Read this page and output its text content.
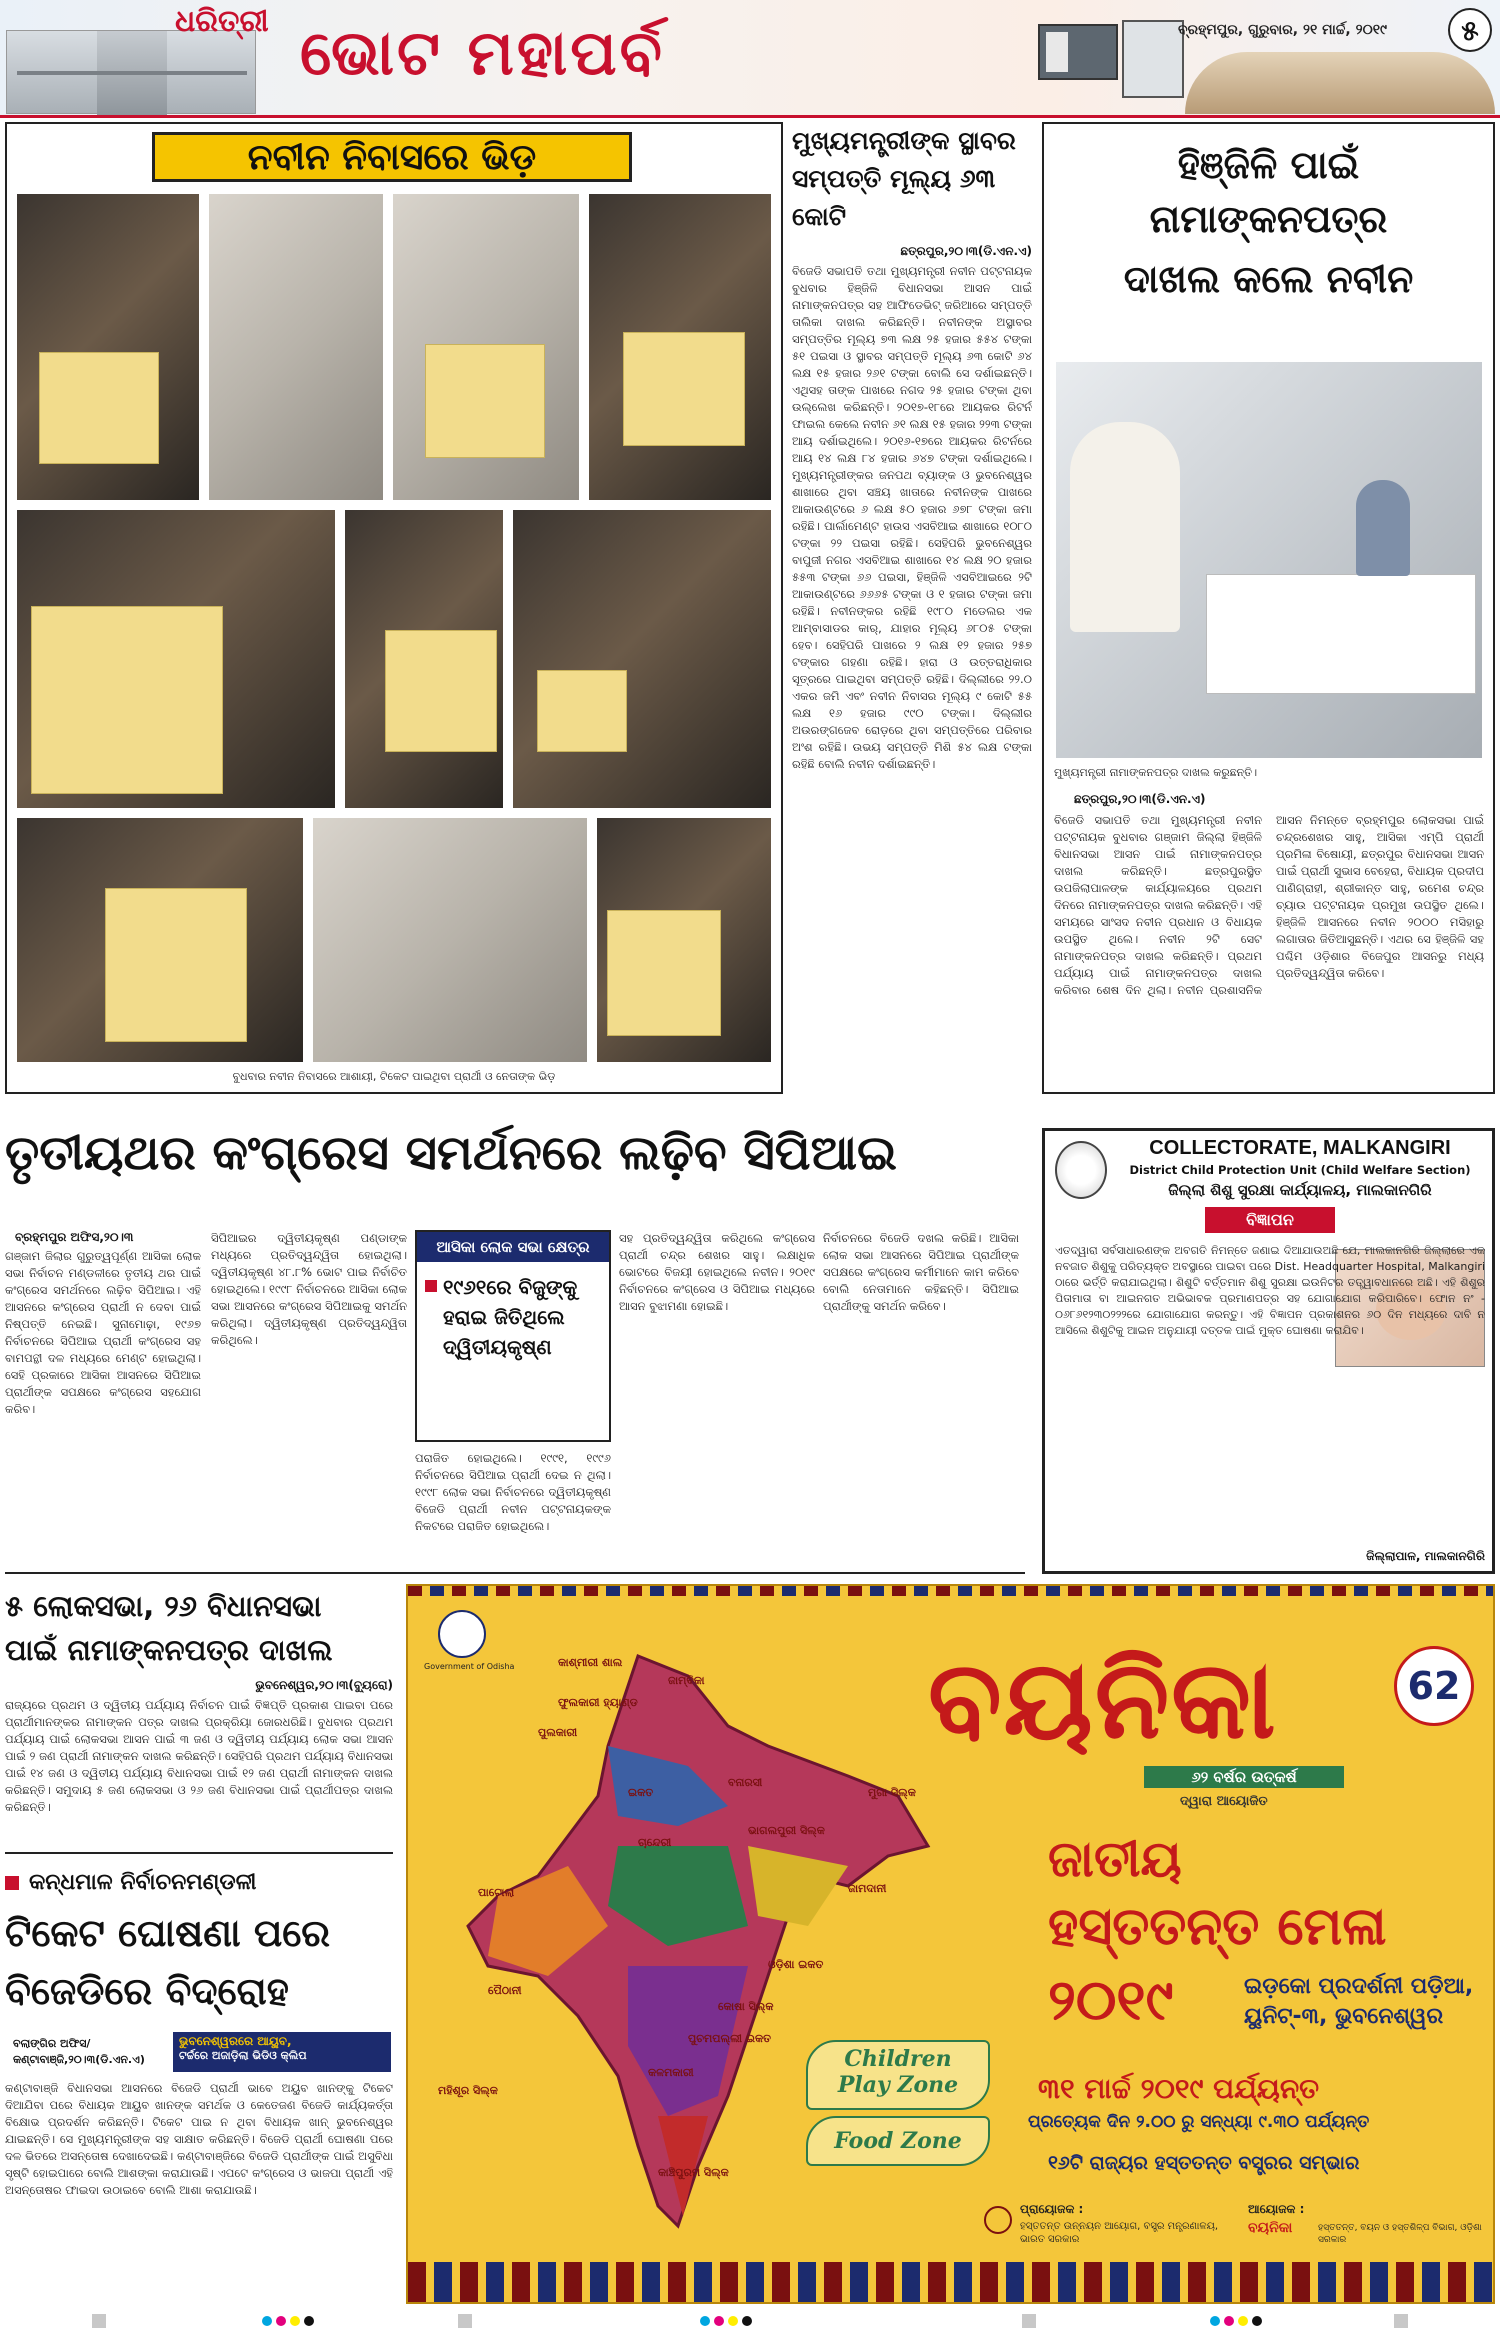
ଧରିତ୍ରୀ ଭୋଟ ମହାପର୍ବ	ବ୍ରହ୍ମପୁର, ଗୁରୁବାର, ୨୧ ମାର୍ଚ୍ଚ, ୨୦୧୯	୫
ନବୀନ ନିବାସରେ ଭିଡ଼
ବୁଧବାର ନବୀନ ନିବାସରେ ଆଶାୟୀ, ଟିକେଟ ପାଇଥିବା ପ୍ରାର୍ଥୀ ଓ ନେତାଙ୍କ ଭିଡ଼
ମୁଖ୍ୟମନ୍ତ୍ରୀଙ୍କ ସ୍ଥାବର
ସମ୍ପତ୍ତି ମୂଲ୍ୟ ୬୩ କୋଟି
ଛତ୍ରପୁର,୨୦।୩(ଡି.ଏନ.ଏ)
ବିଜେଡି ସଭାପତି ତଥା ମୁଖ୍ୟମନ୍ତ୍ରୀ ନବୀନ ପଟ୍ଟନାୟକ ବୁଧବାର ହିଞ୍ଜିଳି ବିଧାନସଭା ଆସନ ପାଇଁ ନାମାଙ୍କନପତ୍ର ସହ ଆଫିଡେଭିଟ୍ ଜରିଆରେ ସମ୍ପତ୍ତି ତାଲିକା ଦାଖଲ କରିଛନ୍ତି। ନବୀନଙ୍କ ଅସ୍ଥାବର ସମ୍ପତ୍ତିର ମୂଲ୍ୟ ୭୩ ଲକ୍ଷ ୨୫ ହଜାର ୫୫୪ ଟଙ୍କା ୫୧ ପଇସା ଓ ସ୍ଥାବର ସମ୍ପତ୍ତି ମୂଲ୍ୟ ୬୩ କୋଟି ୬୪ ଲକ୍ଷ ୧୫ ହଜାର ୨୬୧ ଟଙ୍କା ବୋଲି ସେ ଦର୍ଶାଇଛନ୍ତି। ଏଥିସହ ତାଙ୍କ ପାଖରେ ନଗଦ ୨୫ ହଜାର ଟଙ୍କା ଥିବା ଉଲ୍ଲେଖ କରିଛନ୍ତି। ୨୦୧୭-୧୮ରେ ଆୟକର ରିଟର୍ନ ଫାଇଲ କେଲେ ନବୀନ ୬୧ ଲକ୍ଷ ୧୫ ହଜାର ୨୨୩ ଟଙ୍କା ଆୟ ଦର୍ଶାଇଥିଲେ। ୨୦୧୬-୧୭ରେ ଆୟକର ରିଟର୍ନରେ ଆୟ ୧୪ ଲକ୍ଷ ୮୪ ହଜାର ୬୪୭ ଟଙ୍କା ଦର୍ଶାଇଥିଲେ। ମୁଖ୍ୟମନ୍ତ୍ରୀଙ୍କର ଜନପଥ ବ୍ୟାଙ୍କ ଓ ଭୁବନେଶ୍ୱର ଶାଖାରେ ଥିବା ସଞ୍ଚୟ ଖାତାରେ ନବୀନଙ୍କ ପାଖରେ ଆକାଉଣ୍ଟରେ ୬ ଲକ୍ଷ ୫୦ ହଜାର ୬୭୮ ଟଙ୍କା ଜମା ରହିଛି। ପାର୍ଲାମେଣ୍ଟ ହାଉସ ଏସବିଆଇ ଶାଖାରେ ୧୦୮୦ ଟଙ୍କା ୨୨ ପଇସା ରହିଛି। ସେହିପରି ଭୁବନେଶ୍ୱର ବାପୁଜୀ ନଗର ଏସବିଆଇ ଶାଖାରେ ୧୪ ଲକ୍ଷ ୨୦ ହଜାର ୫୫୩ ଟଙ୍କା ୬୬ ପଇସା, ହିଞ୍ଜିଳି ଏସବିଆଇରେ ୨ଟି ଆକାଉଣ୍ଟରେ ୬୬୬୫ ଟଙ୍କା ଓ ୧ ହଜାର ଟଙ୍କା ଜମା ରହିଛି। ନବୀନଙ୍କର ରହିଛି ୧୯୮୦ ମଡେଲର ଏକ ଆମ୍ବାସାଡର କାର୍, ଯାହାର ମୂଲ୍ୟ ୬୮୦୫ ଟଙ୍କା ହେବ। ସେହିପରି ପାଖରେ ୨ ଲକ୍ଷ ୧୨ ହଜାର ୨୫୭ ଟଙ୍କାର ଗହଣା ରହିଛି। ହାରା ଓ ଉତ୍ତରାଧିକାର ସୂତ୍ରରେ ପାଇଥିବା ସମ୍ପତ୍ତି ରହିଛି। ଦିଲ୍ଲୀରେ ୨୨.୦ ଏକର ଜମି ଏବଂ ନବୀନ ନିବାସର ମୂଲ୍ୟ ୯ କୋଟି ୫୫ ଲକ୍ଷ ୧୬ ହଜାର ୯୯୦ ଟଙ୍କା। ଦିଲ୍ଲୀର ଅଉରଙ୍ଗଜେବ ରୋଡ଼ରେ ଥିବା ସମ୍ପତ୍ତିରେ ପରିବାର ଅଂଶ ରହିଛି। ଉଭୟ ସମ୍ପତ୍ତି ମିଶି ୫୪ ଲକ୍ଷ ଟଙ୍କା ରହିଛି ବୋଲି ନବୀନ ଦର୍ଶାଇଛନ୍ତି।
ହିଞ୍ଜିଳି ପାଇଁ ନାମାଙ୍କନପତ୍ର
ଦାଖଲ କଲେ ନବୀନ
ମୁଖ୍ୟମନ୍ତ୍ରୀ ନାମାଙ୍କନପତ୍ର ଦାଖଲ କରୁଛନ୍ତି।
ଛତ୍ରପୁର,୨୦।୩(ଡି.ଏନ.ଏ)
ବିଜେଡି ସଭାପତି ତଥା ମୁଖ୍ୟମନ୍ତ୍ରୀ ନବୀନ ପଟ୍ଟନାୟକ ବୁଧବାର ଗଞ୍ଜାମ ଜିଲ୍ଲା ହିଞ୍ଜିଳି ବିଧାନସଭା ଆସନ ପାଇଁ ନାମାଙ୍କନପତ୍ର ଦାଖଲ କରିଛନ୍ତି। ଛତ୍ରପୁରସ୍ଥିତ ଉପଜିଲାପାଳଙ୍କ କାର୍ଯ୍ୟାଳୟରେ ପ୍ରଥମ ଦିନରେ ନାମାଙ୍କନପତ୍ର ଦାଖଲ କରିଛନ୍ତି। ଏହି ସମୟରେ ସାଂସଦ ନବୀନ ପ୍ରଧାନ ଓ ବିଧାୟକ ଉପସ୍ଥିତ ଥିଲେ। ନବୀନ ୨ଟି ସେଟ ନାମାଙ୍କନପତ୍ର ଦାଖଲ କରିଛନ୍ତି। ପ୍ରଥମ ପର୍ଯ୍ୟାୟ ପାଇଁ ନାମାଙ୍କନପତ୍ର ଦାଖଲ କରିବାର ଶେଷ ଦିନ ଥିଲା। ନବୀନ ପ୍ରଶାସନିକ ଆସନ ନିମନ୍ତେ ବ୍ରହ୍ମପୁର ଲୋକସଭା ପାଇଁ ଚନ୍ଦ୍ରଶେଖର ସାହୁ, ଆସିକା ଏମ୍ପି ପ୍ରାର୍ଥୀ ପ୍ରମିଳା ବିଷୋୟୀ, ଛତ୍ରପୁର ବିଧାନସଭା ଆସନ ପାଇଁ ପ୍ରାର୍ଥୀ ସୁଭାସ ବେହେରା, ବିଧାୟକ ପ୍ରଦୀପ ପାଣିଗ୍ରାହୀ, ଶ୍ରୀକାନ୍ତ ସାହୁ, ରମେଶ ଚନ୍ଦ୍ର ଚ୍ୟାଉ ପଟ୍ଟନାୟକ ପ୍ରମୁଖ ଉପସ୍ଥିତ ଥିଲେ। ହିଞ୍ଜିଳି ଆସନରେ ନବୀନ ୨୦୦୦ ମସିହାରୁ ଲଗାତାର ଜିତିଆସୁଛନ୍ତି। ଏଥର ସେ ହିଞ୍ଜିଳି ସହ ପଶ୍ଚିମ ଓଡ଼ିଶାର ବିଜେପୁର ଆସନରୁ ମଧ୍ୟ ପ୍ରତିଦ୍ୱନ୍ଦ୍ୱିତା କରିବେ।
ତୃତୀୟଥର କଂଗ୍ରେସ ସମର୍ଥନରେ ଲଢ଼ିବ ସିପିଆଇ
ବ୍ରହ୍ମପୁର ଅଫିସ,୨୦।୩
ଗଞ୍ଜାମ ଜିଲାର ଗୁରୁତ୍ୱପୂର୍ଣ୍ଣ ଆସିକା ଲୋକ ସଭା ନିର୍ବାଚନ ମଣ୍ଡଳୀରେ ତୃତୀୟ ଥର ପାଇଁ କଂଗ୍ରେସ ସମର୍ଥନରେ ଲଢ଼ିବ ସିପିଆଇ। ଏହି ଆସନରେ କଂଗ୍ରେସ ପ୍ରାର୍ଥୀ ନ ଦେବା ପାଇଁ ନିଷ୍ପତ୍ତି ନେଇଛି। ସୁନାମୋଢ଼ା, ୧୯୬୭ ନିର୍ବାଚନରେ ସିପିଆଇ ପ୍ରାର୍ଥୀ କଂଗ୍ରେସ ସହ ବାମପନ୍ଥୀ ଦଳ ମଧ୍ୟରେ ମେଣ୍ଟ ହୋଇଥିଲା। ସେହି ପ୍ରକାରେ ଆସିକା ଆସନରେ ସିପିଆଇ ପ୍ରାର୍ଥୀଙ୍କ ସପକ୍ଷରେ କଂଗ୍ରେସ ସହଯୋଗ କରିବ।
ସିପିଆଇର ଦ୍ୱିତୀୟକୃଷ୍ଣ ପଣ୍ଡାଙ୍କ ମଧ୍ୟରେ ପ୍ରତିଦ୍ୱନ୍ଦ୍ୱିତା ହୋଇଥିଲା। ଦ୍ୱିତୀୟକୃଷ୍ଣ ୪୮.୮% ଭୋଟ ପାଇ ନିର୍ବାଚିତ ହୋଇଥିଲେ। ୧୯୯୮ ନିର୍ବାଚନରେ ଆସିକା ଲୋକ ସଭା ଆସନରେ କଂଗ୍ରେସ ସିପିଆଇକୁ ସମର୍ଥନ କରିଥିଲା। ଦ୍ୱିତୀୟକୃଷ୍ଣ ପ୍ରତିଦ୍ୱନ୍ଦ୍ୱିତା କରିଥିଲେ।
ଆସିକା ଲୋକ ସଭା କ୍ଷେତ୍ର
୧୯୬୧ରେ ବିଜୁଙ୍କୁ ହରାଇ ଜିତିଥିଲେ ଦ୍ୱିତୀୟକୃଷ୍ଣ
ପରାଜିତ ହୋଇଥିଲେ। ୧୯୯୧, ୧୯୯୬ ନିର୍ବାଚନରେ ସିପିଆଇ ପ୍ରାର୍ଥୀ ଦେଇ ନ ଥିଲା। ୧୯୯୮ ଲୋକ ସଭା ନିର୍ବାଚନରେ ଦ୍ୱିତୀୟକୃଷ୍ଣ ବିଜେଡି ପ୍ରାର୍ଥୀ ନବୀନ ପଟ୍ଟନାୟକଙ୍କ ନିକଟରେ ପରାଜିତ ହୋଇଥିଲେ।
ସହ ପ୍ରତିଦ୍ୱନ୍ଦ୍ୱିତା କରିଥିଲେ କଂଗ୍ରେସ ପ୍ରାର୍ଥୀ ଚନ୍ଦ୍ର ଶେଖର ସାହୁ। ଲକ୍ଷାଧିକ ଭୋଟରେ ବିଜୟୀ ହୋଇଥିଲେ ନବୀନ। ୨୦୧୯ ନିର୍ବାଚନରେ କଂଗ୍ରେସ ଓ ସିପିଆଇ ମଧ୍ୟରେ ଆସନ ବୁଝାମଣା ହୋଇଛି।
ନିର୍ବାଚନରେ ବିଜେଡି ଦଖଲ କରିଛି। ଆସିକା ଲୋକ ସଭା ଆସନରେ ସିପିଆଇ ପ୍ରାର୍ଥୀଙ୍କ ସପକ୍ଷରେ କଂଗ୍ରେସ କର୍ମୀମାନେ କାମ କରିବେ ବୋଲି ନେତାମାନେ କହିଛନ୍ତି। ସିପିଆଇ ପ୍ରାର୍ଥୀଙ୍କୁ ସମର୍ଥନ କରିବେ।
COLLECTORATE, MALKANGIRI
District Child Protection Unit (Child Welfare Section)
ଜିଲ୍ଲା ଶିଶୁ ସୁରକ୍ଷା କାର୍ଯ୍ୟାଳୟ, ମାଲକାନଗିରି
ବିଜ୍ଞାପନ
ଏତଦ୍ୱାରା ସର୍ବସାଧାରଣଙ୍କ ଅବଗତି ନିମନ୍ତେ ଜଣାଇ ଦିଆଯାଉଅଛି ଯେ, ମାଲକାନଗିରି ଜିଲ୍ଲାରେ ଏକ ନବଜାତ ଶିଶୁକୁ ପରିତ୍ୟକ୍ତ ଅବସ୍ଥାରେ ପାଇବା ପରେ Dist. Headquarter Hospital, Malkangiri ଠାରେ ଭର୍ତ୍ତି କରାଯାଇଥିଲା। ଶିଶୁଟି ବର୍ତ୍ତମାନ ଶିଶୁ ସୁରକ୍ଷା ଇଉନିଟର ତତ୍ତ୍ୱାବଧାନରେ ଅଛି। ଏହି ଶିଶୁର ପିତାମାତା ବା ଆଇନଗତ ଅଭିଭାବକ ପ୍ରମାଣପତ୍ର ସହ ଯୋଗାଯୋଗ କରିପାରିବେ। ଫୋନ ନଂ - ୦୬୮୬୧୨୩୦୨୨୨ରେ ଯୋଗାଯୋଗ କରନ୍ତୁ। ଏହି ବିଜ୍ଞାପନ ପ୍ରକାଶନର ୬୦ ଦିନ ମଧ୍ୟରେ ଦାବି ନ ଆସିଲେ ଶିଶୁଟିକୁ ଆଇନ ଅନୁଯାୟୀ ଦତ୍ତକ ପାଇଁ ମୁକ୍ତ ଘୋଷଣା କରାଯିବ।
ଜିଲ୍ଲାପାଳ, ମାଲକାନଗିରି
୫ ଲୋକସଭା, ୨୬ ବିଧାନସଭା
ପାଇଁ ନାମାଙ୍କନପତ୍ର ଦାଖଲ
ଭୁବନେଶ୍ୱର,୨୦।୩(ବ୍ୟୁରୋ)
ରାଜ୍ୟରେ ପ୍ରଥମ ଓ ଦ୍ୱିତୀୟ ପର୍ଯ୍ୟାୟ ନିର୍ବାଚନ ପାଇଁ ବିଜ୍ଞପ୍ତି ପ୍ରକାଶ ପାଇବା ପରେ ପ୍ରାର୍ଥୀମାନଙ୍କର ନାମାଙ୍କନ ପତ୍ର ଦାଖଲ ପ୍ରକ୍ରିୟା ଜୋରଧରିଛି। ବୁଧବାର ପ୍ରଥମ ପର୍ଯ୍ୟାୟ ପାଇଁ ଲୋକସଭା ଆସନ ପାଇଁ ୩ ଜଣ ଓ ଦ୍ୱିତୀୟ ପର୍ଯ୍ୟାୟ ଲୋକ ସଭା ଆସନ ପାଇଁ ୨ ଜଣ ପ୍ରାର୍ଥୀ ନାମାଙ୍କନ ଦାଖଲ କରିଛନ୍ତି। ସେହିପରି ପ୍ରଥମ ପର୍ଯ୍ୟାୟ ବିଧାନସଭା ପାଇଁ ୧୪ ଜଣ ଓ ଦ୍ୱିତୀୟ ପର୍ଯ୍ୟାୟ ବିଧାନସଭା ପାଇଁ ୧୨ ଜଣ ପ୍ରାର୍ଥୀ ନାମାଙ୍କନ ଦାଖଲ କରିଛନ୍ତି। ସମୁଦାୟ ୫ ଜଣ ଲୋକସଭା ଓ ୨୬ ଜଣ ବିଧାନସଭା ପାଇଁ ପ୍ରାର୍ଥୀପତ୍ର ଦାଖଲ କରିଛନ୍ତି।
କନ୍ଧମାଳ ନିର୍ବାଚନମଣ୍ଡଳୀ
ଟିକେଟ ଘୋଷଣା ପରେ
ବିଜେଡିରେ ବିଦ୍ରୋହ
ବଲାଙ୍ଗିର ଅଫିସ/କଣ୍ଟାବାଞ୍ଜି,୨୦।୩(ଡି.ଏନ.ଏ)
ଭୁବନେଶ୍ୱରରେ ଆୟୁବ,
ଟର୍ଚ୍ଚରେ ଅଜାଡ଼ିଲା ଭିଡିଓ କ୍ଲିପ
କଣ୍ଟାବାଞ୍ଜି ବିଧାନସଭା ଆସନରେ ବିଜେଡି ପ୍ରାର୍ଥୀ ଭାବେ ଅୟୁବ ଖାନଙ୍କୁ ଟିକେଟ ଦିଆଯିବା ପରେ ବିଧାୟକ ଆୟୁବ ଖାନଙ୍କ ସମର୍ଥକ ଓ କେତେଜଣ ବିଜେଡି କାର୍ଯ୍ୟକର୍ତ୍ତା ବିକ୍ଷୋଭ ପ୍ରଦର୍ଶନ କରିଛନ୍ତି। ଟିକେଟ ପାଇ ନ ଥିବା ବିଧାୟକ ଖାନ୍ ଭୁବନେଶ୍ୱର ଯାଇଛନ୍ତି। ସେ ମୁଖ୍ୟମନ୍ତ୍ରୀଙ୍କ ସହ ସାକ୍ଷାତ କରିଛନ୍ତି। ବିଜେଡି ପ୍ରାର୍ଥୀ ଘୋଷଣା ପରେ ଦଳ ଭିତରେ ଅସନ୍ତୋଷ ଦେଖାଦେଇଛି। କଣ୍ଟାବାଞ୍ଜିରେ ବିଜେଡି ପ୍ରାର୍ଥୀଙ୍କ ପାଇଁ ଅସୁବିଧା ସୃଷ୍ଟି ହୋଇପାରେ ବୋଲି ଆଶଙ୍କା କରାଯାଉଛି। ଏପଟେ କଂଗ୍ରେସ ଓ ଭାଜପା ପ୍ରାର୍ଥୀ ଏହି ଅସନ୍ତୋଷର ଫାଇଦା ଉଠାଇବେ ବୋଲି ଆଶା କରାଯାଉଛି।
Government of Odisha
ଜାମ୍ବିକା
ପୁଲକାରୀ
ପାଟୋଲା
ଚାନ୍ଦେରୀ
ଭାଗଲପୁରୀ ସିଲ୍କ
ମୁଗା ସିଲ୍କ
ବନାରସୀ
ଇକତ
ଜାମଦାନୀ
ଓଡ଼ିଶା ଇକତ
ପୈଠାନୀ
କୋଷା ସିଲ୍କ
ମହିଶୂର ସିଲ୍କ
ପୁଚମପଲ୍ଲୀ ଇକତ
କଳମକାରୀ
କାଞ୍ଚିପୁରମ ସିଲ୍କ
କାଶ୍ମୀରୀ ଶାଲ
ଫୁଲକାରୀ ହ୍ୟାଣ୍ଡ	ବୟନିକା
୬୨ ବର୍ଷର ଉତ୍କର୍ଷ
62
ଦ୍ୱାରା ଆୟୋଜିତ
ଜାତୀୟ
ହସ୍ତତନ୍ତ ମେଳା
୨୦୧୯	ଇଡ଼କୋ ପ୍ରଦର୍ଶନୀ ପଡ଼ିଆ,
ୟୁନିଟ୍-୩, ଭୁବନେଶ୍ୱର
Children
Play Zone
Food Zone
୩୧ ମାର୍ଚ୍ଚ ୨୦୧୯ ପର୍ଯ୍ୟନ୍ତ
ପ୍ରତ୍ୟେକ ଦିନ ୨.୦୦ ରୁ ସନ୍ଧ୍ୟା ୯.୩୦ ପର୍ଯ୍ୟନ୍ତ
୧୬ଟି ରାଜ୍ୟର ହସ୍ତତନ୍ତ ବସ୍ତ୍ରର ସମ୍ଭାର
ପ୍ରାୟୋଜକ :
ହସ୍ତତନ୍ତ ଉନ୍ନୟନ ଆୟୋଗ, ବସ୍ତ୍ର ମନ୍ତ୍ରଣାଳୟ, ଭାରତ ସରକାର
ଆୟୋଜକ :
ବୟନିକା	ହସ୍ତତନ୍ତ, ବୟନ ଓ ହସ୍ତଶିଳ୍ପ ବିଭାଗ, ଓଡ଼ିଶା ସରକାର
